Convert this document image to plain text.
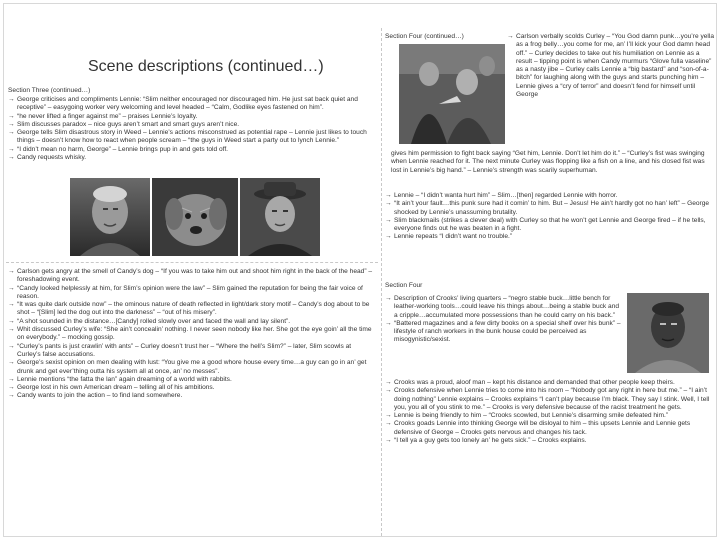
Scene descriptions (continued…)
Section Three (continued…)
→ George criticises and compliments Lennie: “Slim neither encouraged nor discouraged him. He just sat back quiet and receptive” – easygoing worker very welcoming and level headed – “Calm, Godlike eyes fastened on him”.
→ “he never lifted a finger against me” – praises Lennie’s loyalty.
→ Slim discusses paradox – nice guys aren’t smart and smart guys aren’t nice.
→ George tells Slim disastrous story in Weed – Lennie’s actions misconstrued as potential rape – Lennie just likes to touch things – doesn’t know how to react when people scream – “the guys in Weed start a party out to lynch Lennie.”
→ “I didn’t mean no harm, George” – Lennie brings pup in and gets told off.
→ Candy requests whisky.
→ Carlson gets angry at the smell of Candy’s dog – “If you was to take him out and shoot him right in the back of the head” – foreshadowing event.
→ “Candy looked helplessly at him, for Slim’s opinion were the law” – Slim gained the reputation for being the fair voice of reason.
→ “It was quite dark outside now” – the ominous nature of death reflected in light/dark story motif – Candy’s dog about to be shot – “[Slim] led the dog out into the darkness” – “out of his misery”.
→ “A shot sounded in the distance…[Candy] rolled slowly over and faced the wall and lay silent”.
→ Whit discussed Curley’s wife: “She ain’t concealin’ nothing. I never seen nobody like her. She got the eye goin’ all the time on everybody.” – mocking gossip.
→ “Curley’s pants is just crawlin’ with ants” – Curley doesn’t trust her – “Where the hell’s Slim?” – later, Slim scowls at Curley’s false accusations.
→ George’s sexist opinion on men dealing with lust: “You give me a good whore house every time…a guy can go in an’ get drunk and get ever’thing outta his system all at once, an’ no messes”.
→ Lennie mentions “the fatta the lan” again dreaming of a world with rabbits.
→ George lost in his own American dream – telling all of his ambitions.
→ Candy wants to join the action – to find land somewhere.
Section Four (continued…)
→	Carlson verbally scolds Curley – “You God damn punk…you’re yella as a frog belly…you come for me, an’ I’ll kick your God damn head off.” – Curley decides to take out his humiliation on Lennie as a result – tipping point is when Candy murmurs “Glove fulla vaseline” as a nasty jibe – Curley calls Lennie a “big bastard” and “son-of-a-bitch” for laughing along with the guys and starts punching him – Lennie gives a “cry of terror” and doesn’t fend for himself until George
gives him permission to fight back saying “Get him, Lennie. Don’t let him do it.” – “Curley’s fist was swinging when Lennie reached for it. The next minute Curley was flopping like a fish on a line, and his closed fist was lost in Lennie’s big hand.” – Lennie’s strength was scarily superhuman.
→ Lennie – “I didn’t wanta hurt him” – Slim…[then] regarded Lennie with horror.
→ “It ain’t your fault…this punk sure had it comin’ to him. But – Jesus! He ain’t hardly got no han’ left” – George shocked by Lennie’s unassuming brutality.
→ Slim blackmails (strikes a clever deal) with Curley so that he won’t get Lennie and George fired – if he tells, everyone finds out he was beaten in a fight.
→ Lennie repeats “I didn’t want no trouble.”
Section Four
→ Description of Crooks’ living quarters – “negro stable buck…little bench for leather-working tools…could leave his things about…being a stable buck and a cripple…accumulated more possessions than he could carry on his back.”
→ “Battered magazines and a few dirty books on a special shelf over his bunk” – lifestyle of ranch workers in the bunk house could be perceived as misogynistic/sexist.
→ Crooks was a proud, aloof man – kept his distance and demanded that other people keep theirs.
→ Crooks defensive when Lennie tries to come into his room – “Nobody got any right in here but me.” – “I ain’t doing nothing” Lennie explains – Crooks explains “I can’t play because I’m black. They say I stink. Well, I tell you, you all of you stink to me.” – Crooks is very defensive because of the racist treatment he gets.
→ Lennie is being friendly to him – “Crooks scowled, but Lennie’s disarming smile defeated him.”
→ Crooks goads Lennie into thinking George will be disloyal to him – this upsets Lennie and Lennie gets defensive of George – Crooks gets nervous and changes his tack.
→ “I tell ya a guy gets too lonely an’ he gets sick.” – Crooks explains.
